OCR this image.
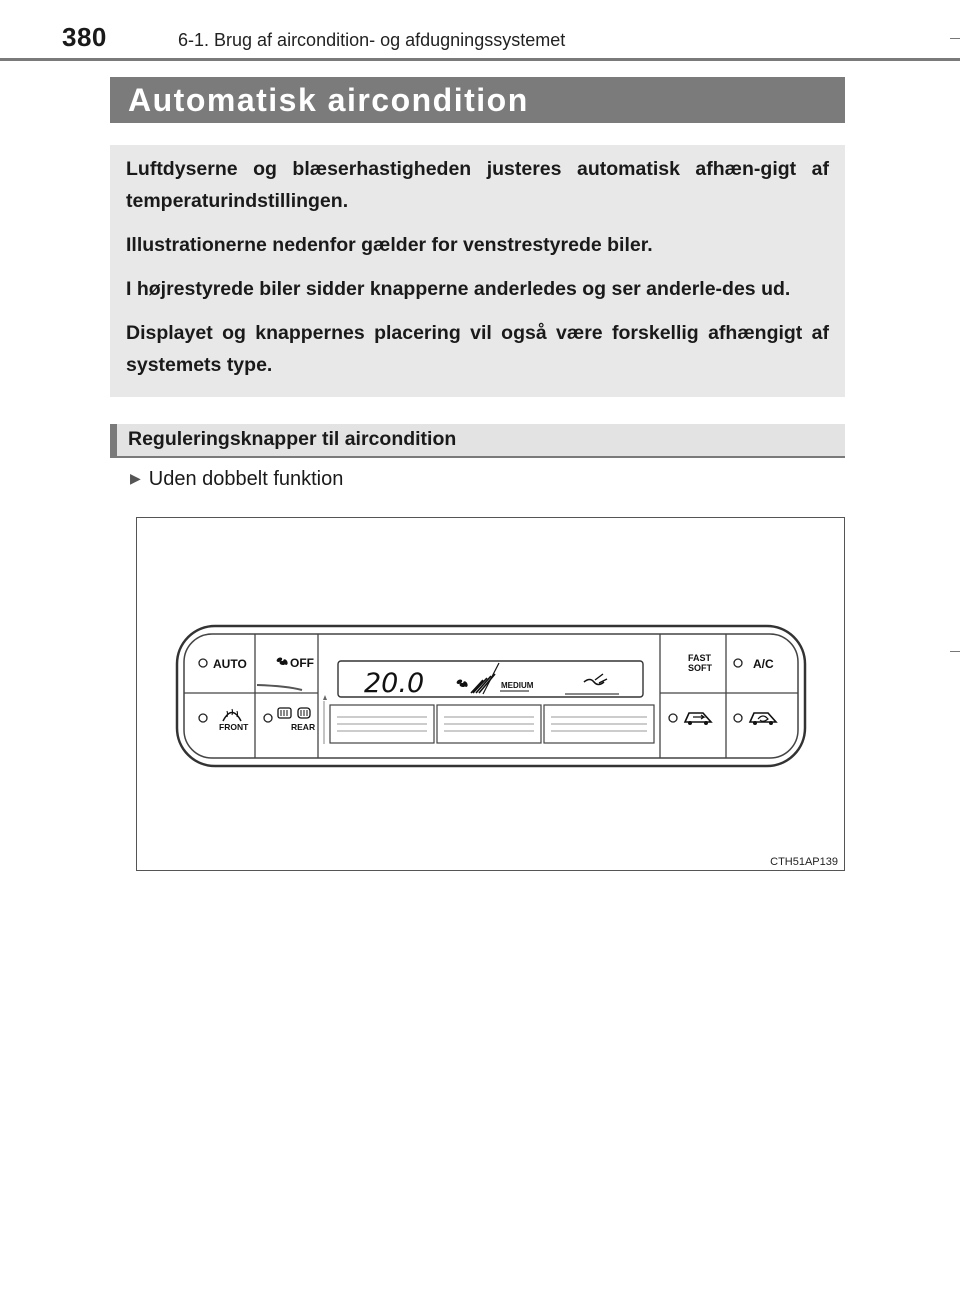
380	6-1. Brug af aircondition- og afdugningssystemet
Automatisk aircondition

Luftdyserne og blæserhastigheden justeres automatisk afhæn-gigt af temperaturindstillingen.

Illustrationerne nedenfor gælder for venstrestyrede biler.

I højrestyrede biler sidder knapperne anderledes og ser anderle-des ud.

Displayet og knappernes placering vil også være forskellig afhængigt af systemets type.

Reguleringsknapper til aircondition
▶ Uden dobbelt funktion
AUTO	OFF
FRONT	REAR
20.0	MEDIUM
FAST
SOFT	A/C
CTH51AP139
